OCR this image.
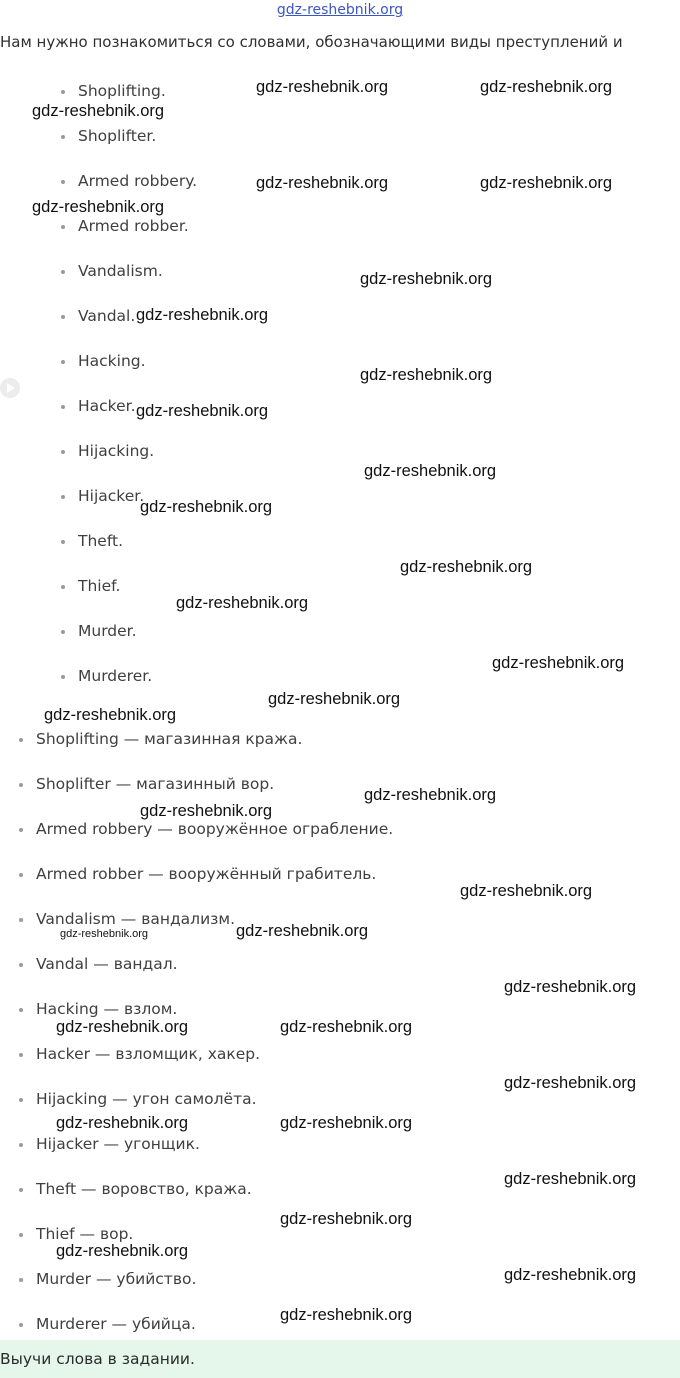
gdz-reshebnik.org
Нам нужно познакомиться со словами, обозначающими виды преступлений и
Shoplifting.
Shoplifter.
Armed robbery.
Armed robber.
Vandalism.
Vandal.
Hacking.
Hacker.
Hijacking.
Hijacker.
Theft.
Thief.
Murder.
Murderer.
Shoplifting — магазинная кража.
Shoplifter — магазинный вор.
Armed robbery — вооружённое ограбление.
Armed robber — вооружённый грабитель.
Vandalism — вандализм.
Vandal — вандал.
Hacking — взлом.
Hacker — взломщик, хакер.
Hijacking — угон самолёта.
Hijacker — угонщик.
Theft — воровство, кража.
Thief — вор.
Murder — убийство.
Murderer — убийца.
gdz-reshebnik.org	gdz-reshebnik.org
gdz-reshebnik.org
gdz-reshebnik.org	gdz-reshebnik.org
gdz-reshebnik.org
gdz-reshebnik.org
gdz-reshebnik.org
gdz-reshebnik.org
gdz-reshebnik.org
gdz-reshebnik.org
gdz-reshebnik.org
gdz-reshebnik.org
gdz-reshebnik.org
gdz-reshebnik.org
gdz-reshebnik.org
gdz-reshebnik.org
gdz-reshebnik.org
gdz-reshebnik.org
gdz-reshebnik.org
gdz-reshebnik.org	gdz-reshebnik.org
gdz-reshebnik.org
gdz-reshebnik.org	gdz-reshebnik.org
gdz-reshebnik.org
gdz-reshebnik.org	gdz-reshebnik.org
gdz-reshebnik.org
gdz-reshebnik.org
gdz-reshebnik.org
gdz-reshebnik.org
gdz-reshebnik.org
Выучи слова в задании.
